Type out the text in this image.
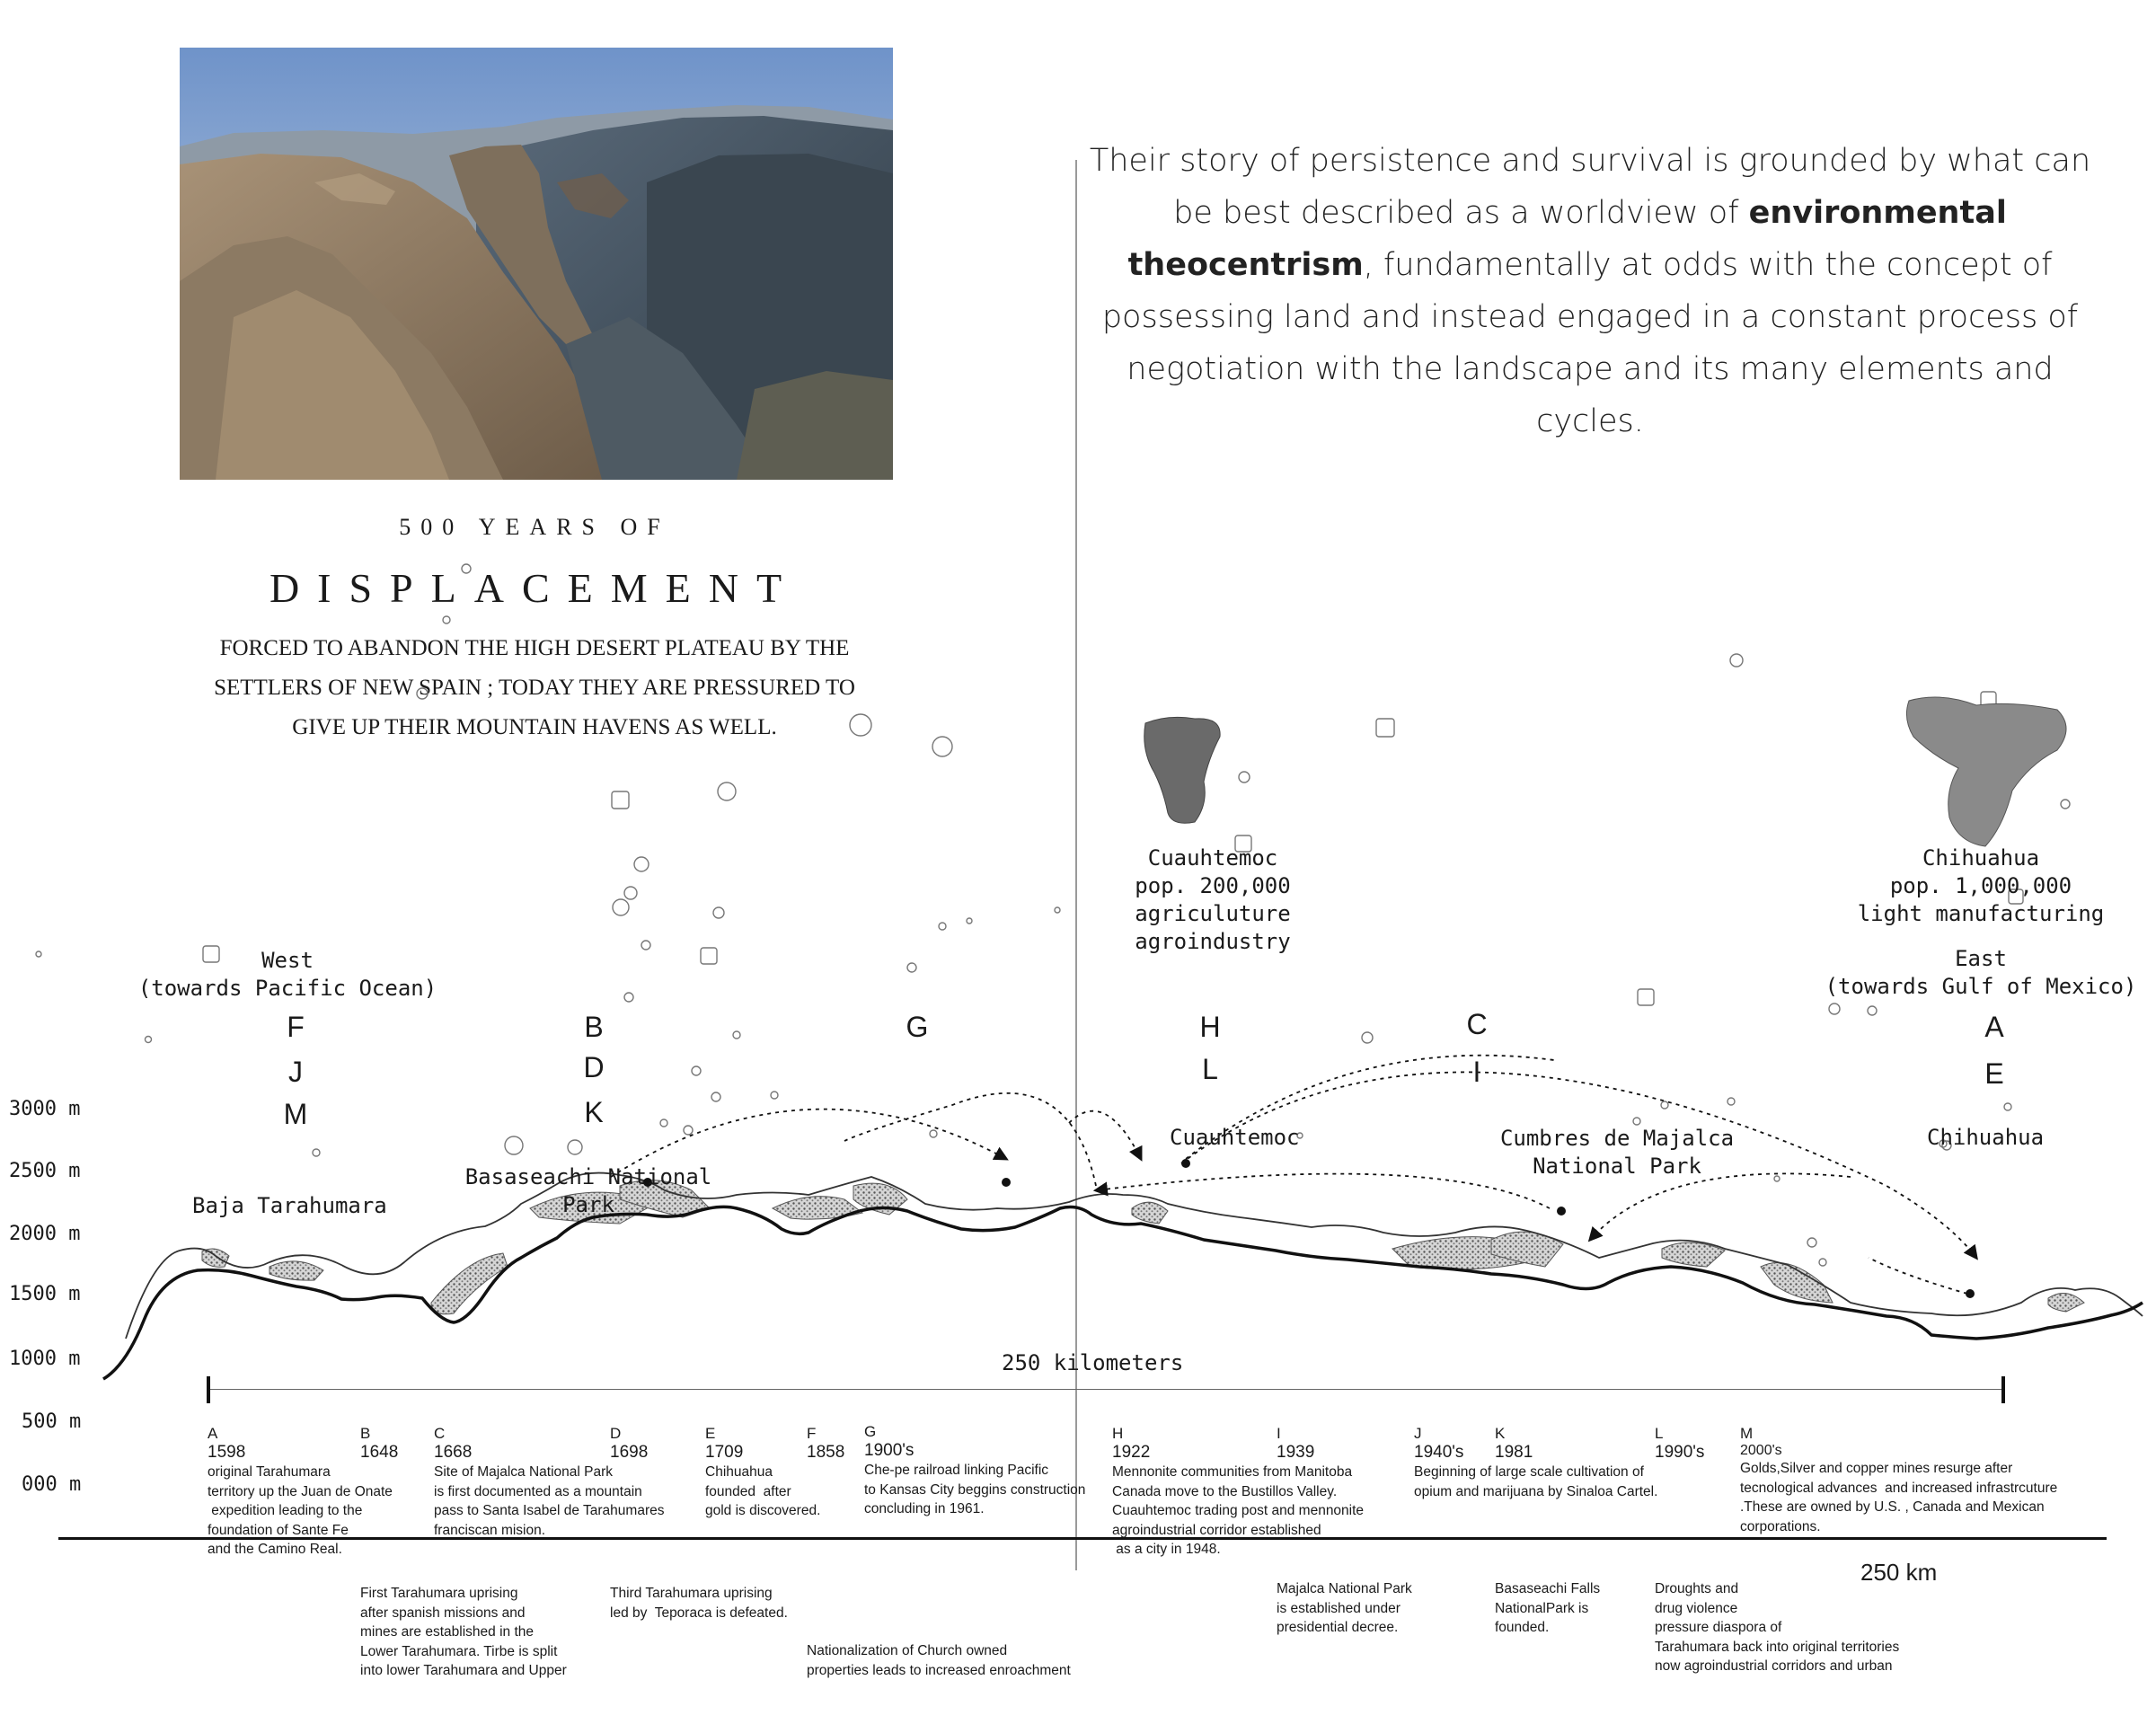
500 YEARS OF
DISPLACEMENT
FORCED TO ABANDON THE HIGH DESERT PLATEAU BY THE
SETTLERS OF NEW SPAIN ; TODAY THEY ARE PRESSURED TO
GIVE UP THEIR MOUNTAIN HAVENS AS WELL.
Their story of persistence and survival is grounded by what can be best described as a worldview of environmental theocentrism, fundamentally at odds with the concept of possessing land and instead engaged in a constant process of negotiation with the landscape and its many elements and cycles.
3000 m
2500 m
2000 m
1500 m
1000 m
500 m
000 m
West
(towards Pacific Ocean)
East
(towards Gulf of Mexico)
Cuauhtemoc
pop. 200,000
agriculuture
agroindustry
Chihuahua
pop. 1,000,000
light manufacturing
F
J
M
B
D
K
G	H
L
C
I
A
E
Baja Tarahumara
Basaseachi National
Park
Cuauhtemoc	Cumbres de Majalca
National Park
Chihuahua
250 kilometers
A
1598
original Tarahumara
territory up the Juan de Onate
expedition leading to the
foundation of Sante Fe
and the Camino Real.
B
1648
C
1668
Site of Majalca National Park
is first documented as a mountain
pass to Santa Isabel de Tarahumares
franciscan mision.
D
1698
E
1709
Chihuahua
founded  after
gold is discovered.
F
1858
G
1900's
Che-pe railroad linking Pacific
to Kansas City beggins construction
concluding in 1961.
H
1922
Mennonite communities from Manitoba
Canada move to the Bustillos Valley.
Cuauhtemoc trading post and mennonite
agroindustrial corridor established
as a city in 1948.
I
1939
J
1940's
Beginning of large scale cultivation of
opium and marijuana by Sinaloa Cartel.
K
1981
L
1990's
M
2000's
Golds,Silver and copper mines resurge after
tecnological advances  and increased infrastrcuture
.These are owned by U.S. , Canada and Mexican
corporations.
250 km
First Tarahumara uprising
after spanish missions and
mines are established in the
Lower Tarahumara. Tirbe is split
into lower Tarahumara and Upper
Third Tarahumara uprising
led by  Teporaca is defeated.
Nationalization of Church owned
properties leads to increased enroachment
Majalca National Park
is established under
presidential decree.
Basaseachi Falls
NationalPark is
founded.
Droughts and
drug violence
pressure diaspora of
Tarahumara back into original territories
now agroindustrial corridors and urban
